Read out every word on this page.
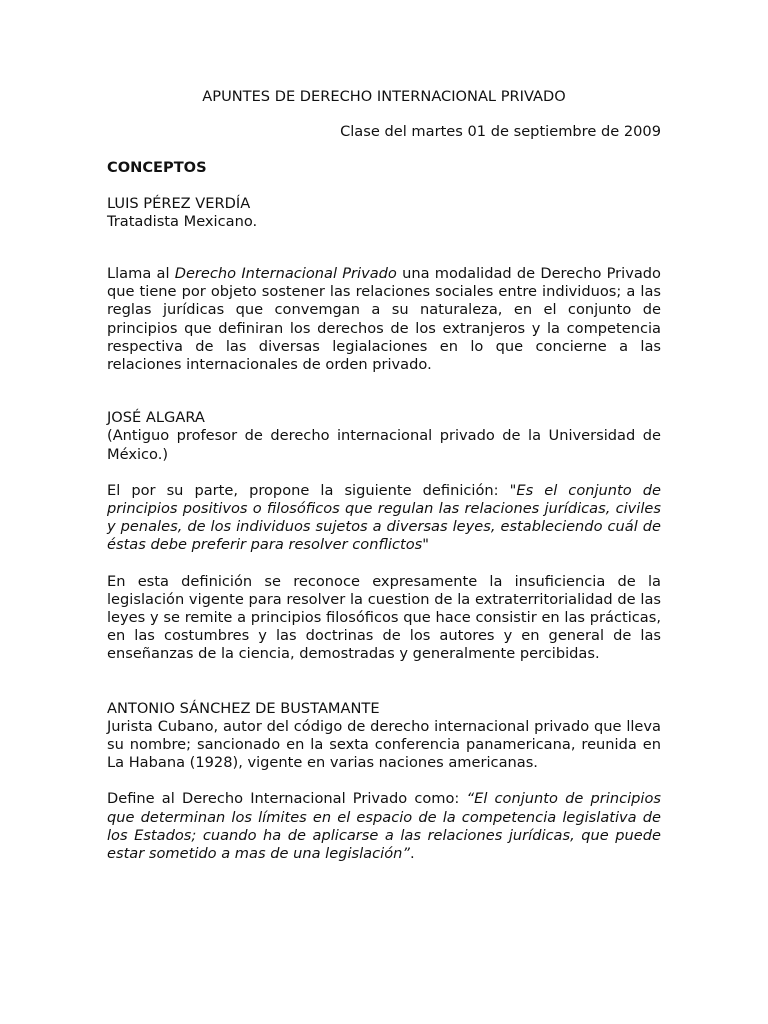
APUNTES DE DERECHO INTERNACIONAL PRIVADO

Clase del martes 01 de septiembre de 2009

CONCEPTOS

LUIS PÉREZ VERDÍA

Tratadista Mexicano.

Llama al Derecho Internacional Privado una modalidad de Derecho Privado que tiene por objeto sostener las relaciones sociales entre individuos; a las reglas jurídicas que convemgan a su naturaleza, en el conjunto de principios que definiran los derechos de los extranjeros y la competencia respectiva de las diversas legialaciones en lo que concierne a las relaciones internacionales de orden privado.

JOSÉ ALGARA

(Antiguo profesor de derecho internacional privado de la Universidad de México.)

El por su parte, propone la siguiente definición: "Es el conjunto de principios positivos o filosóficos que regulan las relaciones jurídicas, civiles y penales, de los individuos sujetos a diversas leyes, estableciendo cuál de éstas debe preferir para resolver conflictos"

En esta definición se reconoce expresamente la insuficiencia de la legislación vigente para resolver la cuestion de la extraterritorialidad de las leyes y se remite a principios filosóficos que hace consistir en las prácticas, en las costumbres y las doctrinas de los autores y en general de las enseñanzas de la ciencia, demostradas y generalmente percibidas.

ANTONIO SÁNCHEZ DE BUSTAMANTE

Jurista Cubano, autor del código de derecho internacional privado que lleva su nombre; sancionado en la sexta conferencia panamericana, reunida en La Habana (1928), vigente en varias naciones americanas.

Define al Derecho Internacional Privado como: “El conjunto de principios que determinan los límites en el espacio de la competencia legislativa de los Estados; cuando ha de aplicarse a las relaciones jurídicas, que puede estar sometido a mas de una legislación”.
